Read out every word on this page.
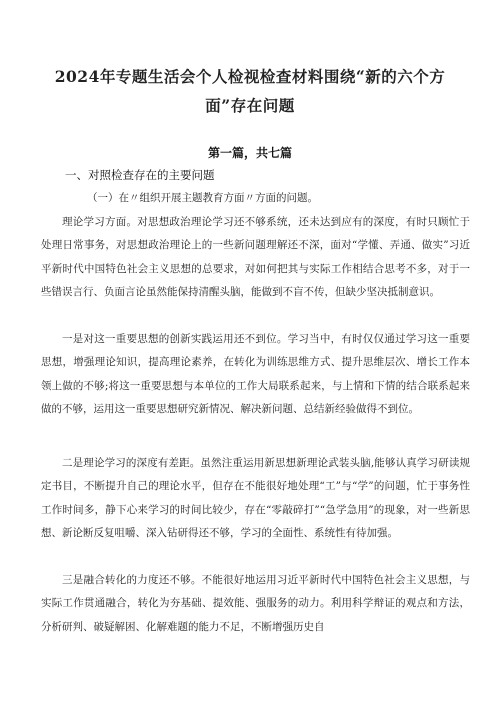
2024年专题生活会个人检视检查材料围绕“新的六个方面”存在问题
第一篇，共七篇
一、对照检查存在的主要问题
（一）在〃组织开展主题教育方面〃方面的问题。

理论学习方面。对思想政治理论学习还不够系统，还未达到应有的深度，有时只顾忙于处理日常事务，对思想政治理论上的一些新问题理解还不深，面对“学懂、弄通、做实”习近平新时代中国特色社会主义思想的总要求，对如何把其与实际工作相结合思考不多，对于一些错误言行、负面言论虽然能保持清醒头脑，能做到不盲不传，但缺少坚决抵制意识。

一是对这一重要思想的创新实践运用还不到位。学习当中，有时仅仅通过学习这一重要思想，增强理论知识，提高理论素养，在转化为训练思维方式、提升思维层次、增长工作本领上做的不够;将这一重要思想与本单位的工作大局联系起来，与上情和下情的结合联系起来做的不够，运用这一重要思想研究新情况、解决新问题、总结新经验做得不到位。

二是理论学习的深度有差距。虽然注重运用新思想新理论武装头脑,能够认真学习研读规定书目，不断提升自己的理论水平，但存在不能很好地处理“工”与“学”的问题，忙于事务性工作时间多，静下心来学习的时间比较少，存在“零敲碎打”“急学急用”的现象，对一些新思想、新论断反复咀嚼、深入钻研得还不够，学习的全面性、系统性有待加强。

三是融合转化的力度还不够。不能很好地运用习近平新时代中国特色社会主义思想，与实际工作贯通融合，转化为夯基础、提效能、强服务的动力。利用科学辩证的观点和方法，分析研判、破疑解困、化解难题的能力不足，不断增强历史自
